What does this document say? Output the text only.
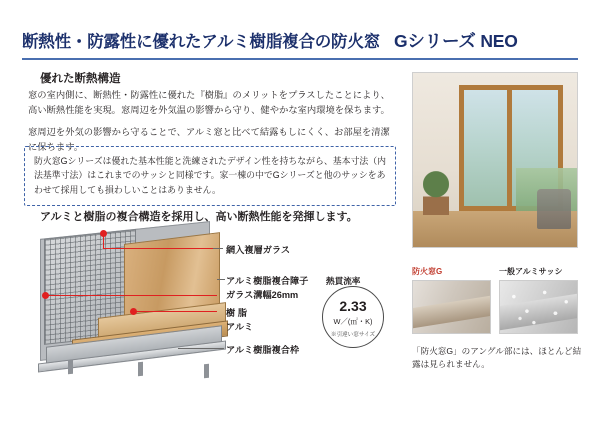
断熱性・防露性に優れたアルミ樹脂複合の防火窓 Gシリーズ NEO
優れた断熱構造

窓の室内側に、断熱性・防露性に優れた『樹脂』のメリットをプラスしたことにより、高い断熱性能を実現。窓周辺を外気温の影響から守り、健やかな室内環境を保ちます。

窓周辺を外気の影響から守ることで、アルミ窓と比べて結露もしにくく、お部屋を清潔に保ちます。

防火窓Gシリーズは優れた基本性能と洗練されたデザイン性を持ちながら、基本寸法（内法基準寸法）はこれまでのサッシと同様です。家一棟の中でGシリーズと他のサッシをあわせて採用しても損わしいことはありません。

アルミと樹脂の複合構造を採用し、高い断熱性能を発揮します。
網入複層ガラス
アルミ樹脂複合障子
ガラス溝幅26mm
樹 脂
アルミ
アルミ樹脂複合枠
熱貫流率
2.33
W／(㎡・K)
※引違い窓サイズ
防火窓G	一般アルミサッシ
「防火窓G」のアングル部には、ほとんど結露は見られません。
